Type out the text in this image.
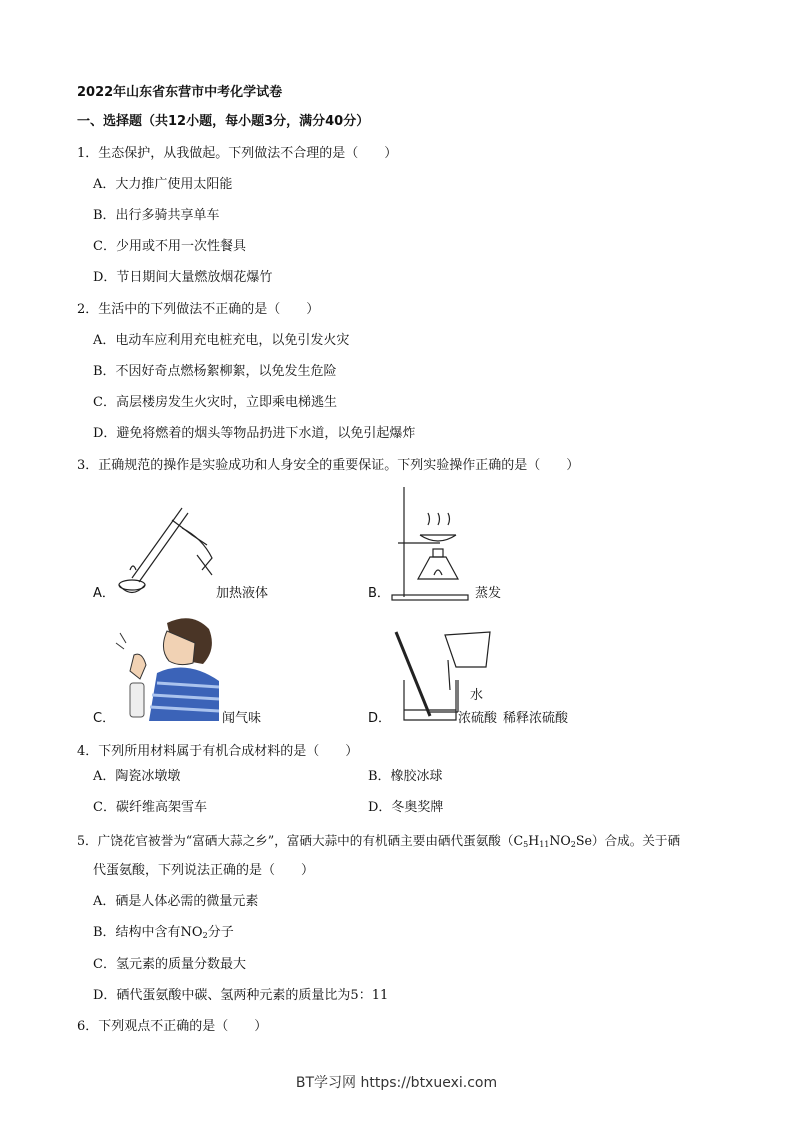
2022年山东省东营市中考化学试卷
一、选择题（共12小题，每小题3分，满分40分）
1．生态保护，从我做起。下列做法不合理的是（　　）
A．大力推广使用太阳能
B．出行多骑共享单车
C．少用或不用一次性餐具
D．节日期间大量燃放烟花爆竹
2．生活中的下列做法不正确的是（　　）
A．电动车应利用充电桩充电，以免引发火灾
B．不因好奇点燃杨絮柳絮，以免发生危险
C．高层楼房发生火灾时，立即乘电梯逃生
D．避免将燃着的烟头等物品扔进下水道，以免引起爆炸
3．正确规范的操作是实验成功和人身安全的重要保证。下列实验操作正确的是（　　）
A．	加热液体	B．	蒸发
C．	闻气味
水
D．	浓硫酸 稀释浓硫酸
4．下列所用材料属于有机合成材料的是（　　）
A．陶瓷冰墩墩	B．橡胶冰球
C．碳纤维高架雪车	D．冬奥奖牌
5．广饶花官被誉为“富硒大蒜之乡”，富硒大蒜中的有机硒主要由硒代蛋氨酸$(C_5H_{11}NO_2Se)$合成。关于硒
代蛋氨酸，下列说法正确的是（　　）
A．硒是人体必需的微量元素
B．结构中含有$NO_2$分子
C．氢元素的质量分数最大
D．硒代蛋氨酸中碳、氢两种元素的质量比为5：11
6．下列观点不正确的是（　　）
BT学习网 https://btxuexi.com
